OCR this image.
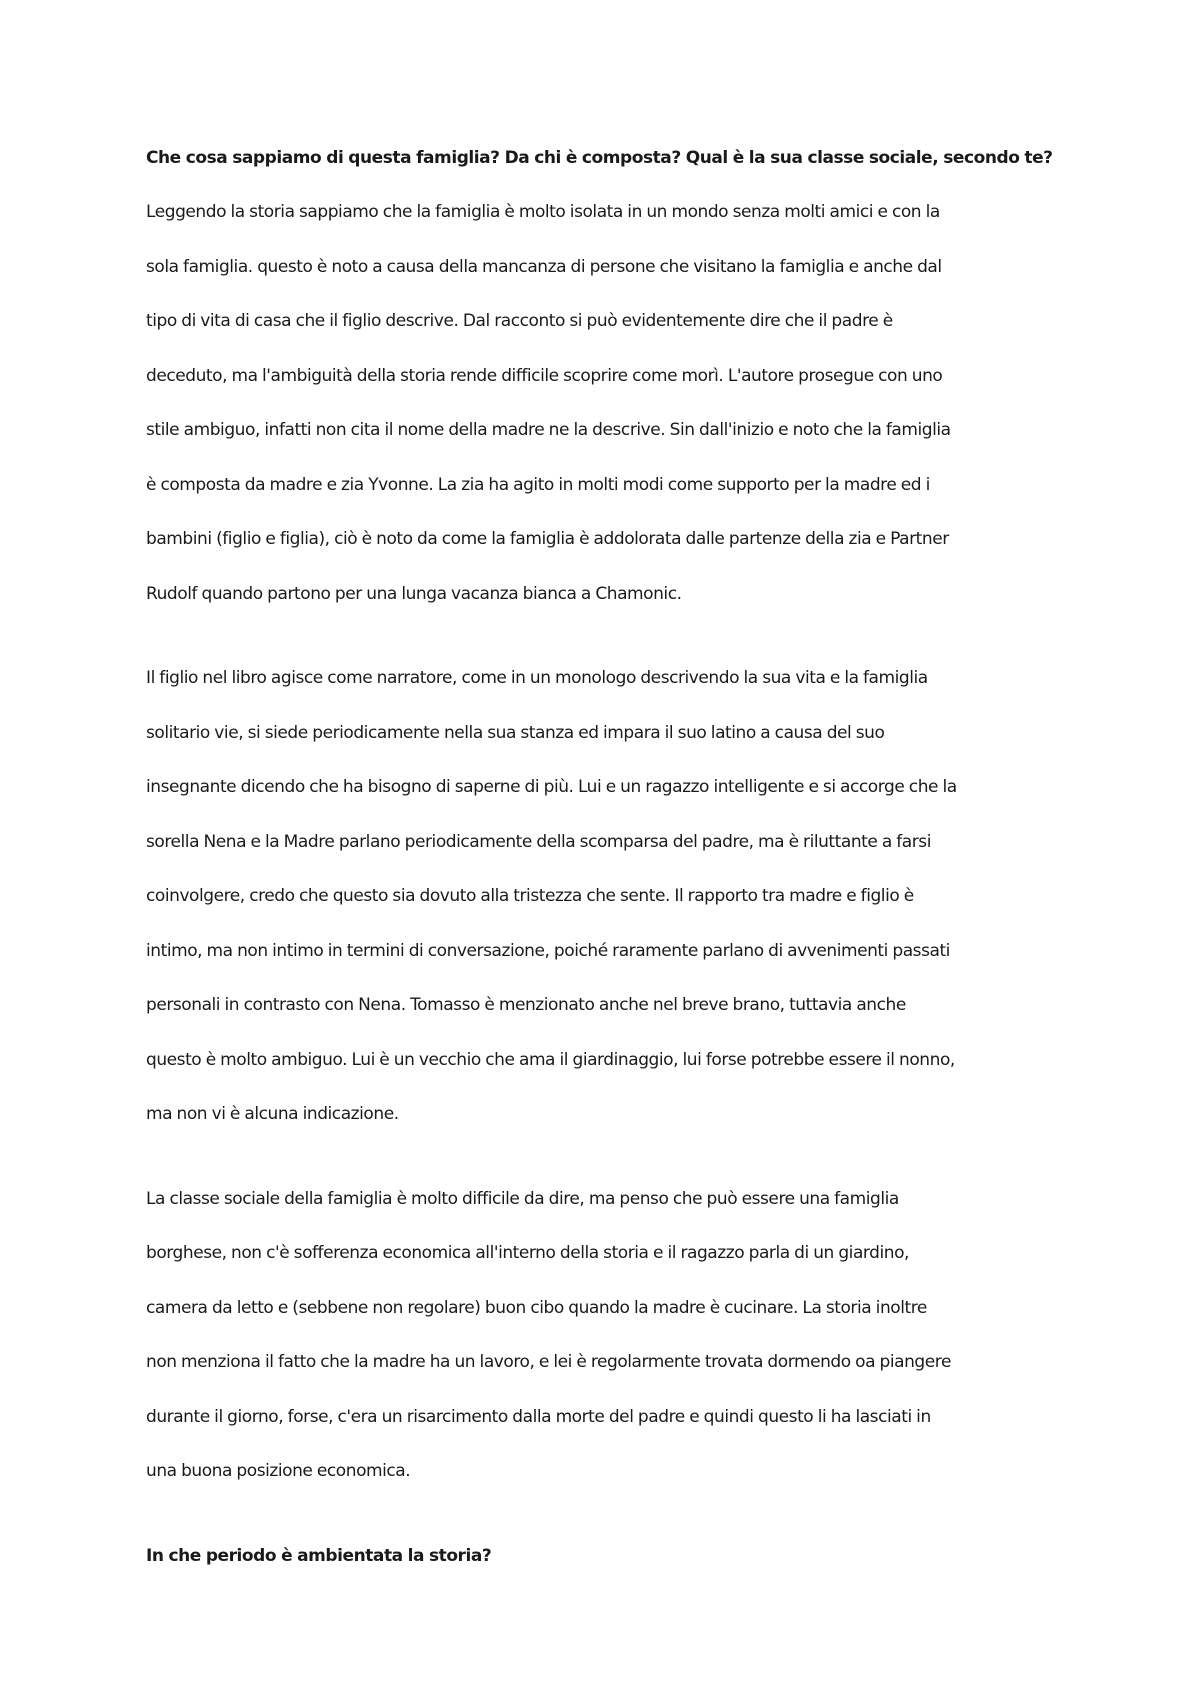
Che cosa sappiamo di questa famiglia? Da chi è composta? Qual è la sua classe sociale, secondo te?

Leggendo la storia sappiamo che la famiglia è molto isolata in un mondo senza molti amici e con la
sola famiglia. questo è noto a causa della mancanza di persone che visitano la famiglia e anche dal
tipo di vita di casa che il figlio descrive. Dal racconto si può evidentemente dire che il padre è
deceduto, ma l'ambiguità della storia rende difficile scoprire come morì. L'autore prosegue con uno
stile ambiguo, infatti non cita il nome della madre ne la descrive. Sin dall'inizio e noto che la famiglia
è composta da madre e zia Yvonne. La zia ha agito in molti modi come supporto per la madre ed i
bambini (figlio e figlia), ciò è noto da come la famiglia è addolorata dalle partenze della zia e Partner
Rudolf quando partono per una lunga vacanza bianca a Chamonic.
Il figlio nel libro agisce come narratore, come in un monologo descrivendo la sua vita e la famiglia
solitario vie, si siede periodicamente nella sua stanza ed impara il suo latino a causa del suo
insegnante dicendo che ha bisogno di saperne di più. Lui e un ragazzo intelligente e si accorge che la
sorella Nena e la Madre parlano periodicamente della scomparsa del padre, ma è riluttante a farsi
coinvolgere, credo che questo sia dovuto alla tristezza che sente. Il rapporto tra madre e figlio è
intimo, ma non intimo in termini di conversazione, poiché raramente parlano di avvenimenti passati
personali in contrasto con Nena. Tomasso è menzionato anche nel breve brano, tuttavia anche
questo è molto ambiguo. Lui è un vecchio che ama il giardinaggio, lui forse potrebbe essere il nonno,
ma non vi è alcuna indicazione.
La classe sociale della famiglia è molto difficile da dire, ma penso che può essere una famiglia
borghese, non c'è sofferenza economica all'interno della storia e il ragazzo parla di un giardino,
camera da letto e (sebbene non regolare) buon cibo quando la madre è cucinare. La storia inoltre
non menziona il fatto che la madre ha un lavoro, e lei è regolarmente trovata dormendo oa piangere
durante il giorno, forse, c'era un risarcimento dalla morte del padre e quindi questo li ha lasciati in
una buona posizione economica.

In che periodo è ambientata la storia?
